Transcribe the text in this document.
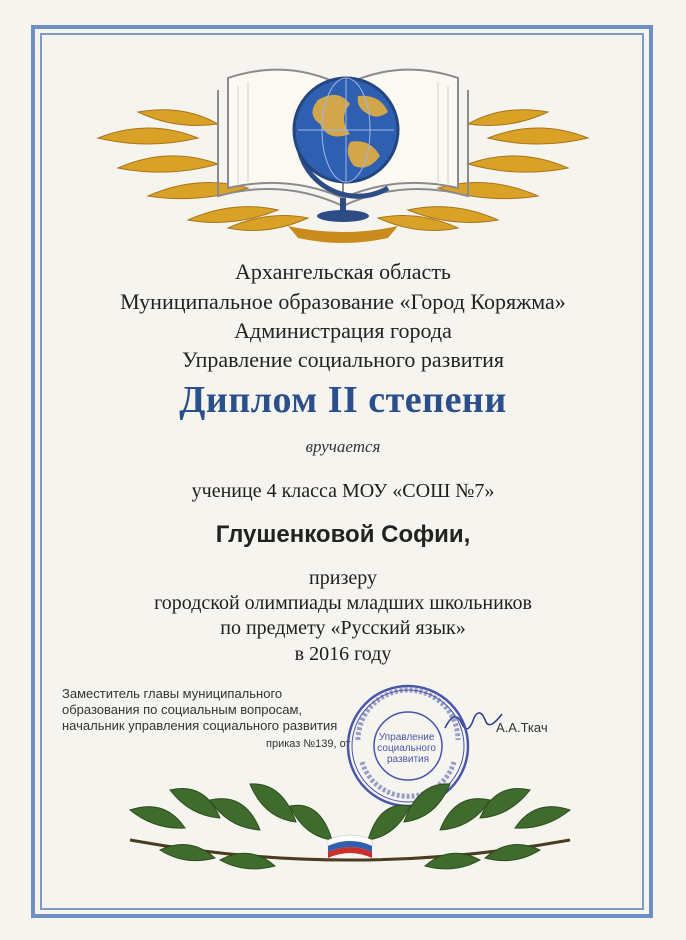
Архангельская область
Муниципальное образование «Город Коряжма»
Администрация города
Управление социального развития
Диплом II степени
вручается
ученице 4 класса МОУ «СОШ №7»
Глушенковой Софии,
призеру
городской олимпиады младших школьников
по предмету «Русский язык»
в 2016 году
Заместитель главы муниципального
образования по социальным вопросам,
начальник управления социального развития
приказ №139, от
А.А.Ткач
Управление социального развития
